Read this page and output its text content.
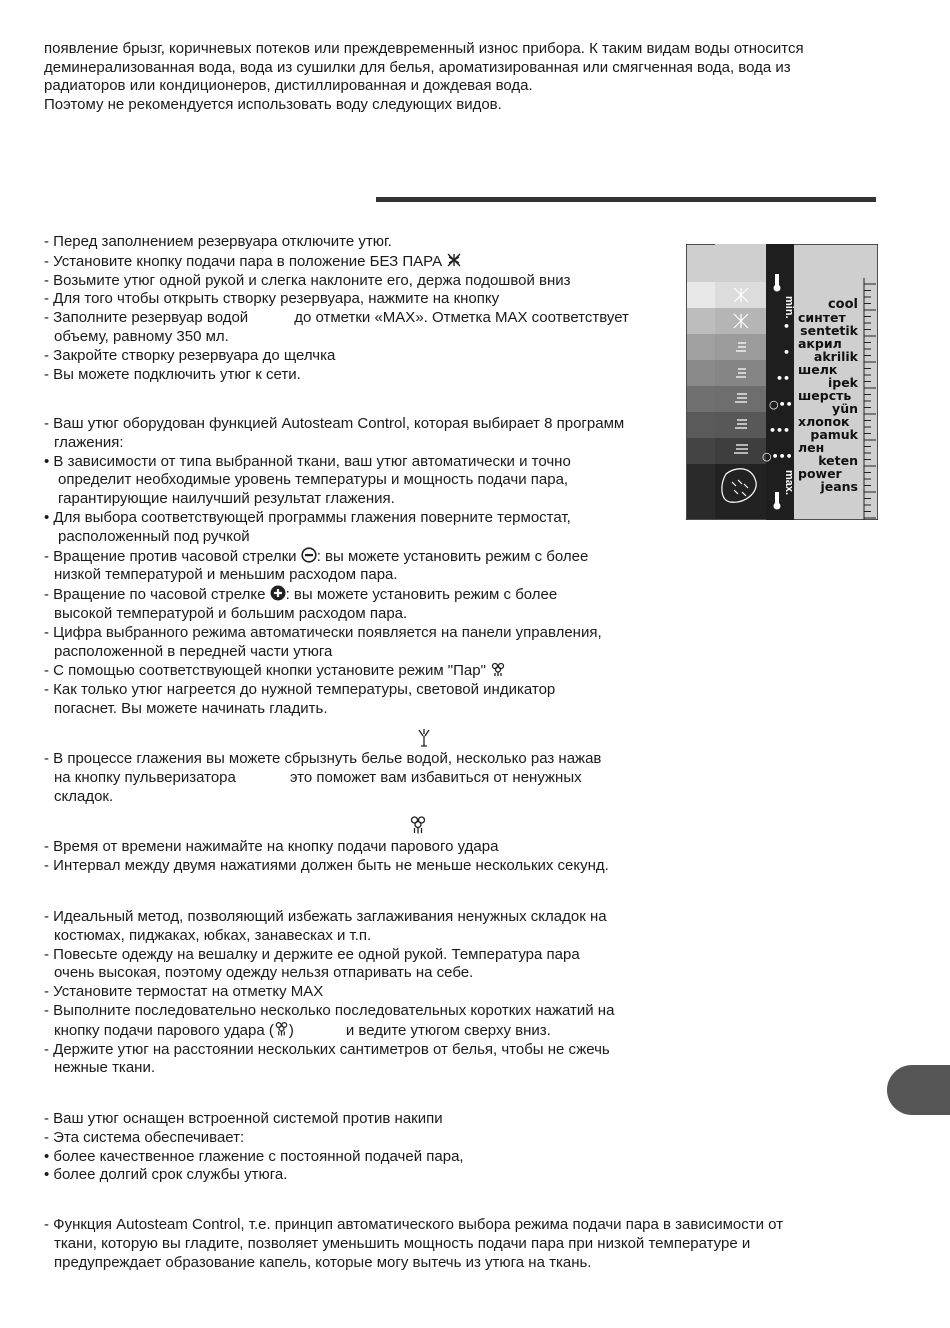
появление брызг, коричневых потеков или преждевременный износ прибора. К таким видам воды относится

деминерализованная вода, вода из сушилки для белья, ароматизированная или смягченная вода, вода из

радиаторов или кондиционеров, дистиллированная и дождевая вода.

Поэтому не рекомендуется использовать воду следующих видов.

- Перед заполнением резервуара отключите утюг.
- Установите кнопку подачи пара в положение БЕЗ ПАРА
- Возьмите утюг одной рукой и слегка наклоните его, держа подошвой вниз
- Для того чтобы открыть створку резервуара, нажмите на кнопку
- Заполните резервуар водой	до отметки «MAX». Отметка MAX соответствует
объему, равному 350 мл.
- Закройте створку резервуара до щелчка
- Вы можете подключить утюг к сети.
- Ваш утюг оборудован функцией Autosteam Control, которая выбирает 8 программ
глажения:
• В зависимости от типа выбранной ткани, ваш утюг автоматически и точно
определит необходимые уровень температуры и мощность подачи пара,
гарантирующие наилучший результат глажения.
• Для выбора соответствующей программы глажения поверните термостат,
расположенный под ручкой
- Вращение против часовой стрелки : вы можете установить режим с более
низкой температурой и меньшим расходом пара.
- Вращение по часовой стрелке : вы можете установить режим с более
высокой температурой и большим расходом пара.
- Цифра выбранного режима автоматически появляется на панели управления,
расположенной в передней части утюга
- С помощью соответствующей кнопки установите режим "Пар"
- Как только утюг нагреется до нужной температуры, световой индикатор
погаснет. Вы можете начинать гладить.
- В процессе глажения вы можете сбрызнуть белье водой, несколько раз нажав
на кнопку пульверизатора	это поможет вам избавиться от ненужных
складок.
- Время от времени нажимайте на кнопку подачи парового удара
- Интервал между двумя нажатиями должен быть не меньше нескольких секунд.
- Идеальный метод, позволяющий избежать заглаживания ненужных складок на
костюмах, пиджаках, юбках, занавесках и т.п.
- Повесьте одежду на вешалку и держите ее одной рукой. Температура пара
очень высокая, поэтому одежду нельзя отпаривать на себе.
- Установите термостат на отметку MAX
- Выполните последовательно несколько последовательных коротких нажатий на
кнопку подачи парового удара ( )	и ведите утюгом сверху вниз.
- Держите утюг на расстоянии нескольких сантиметров от белья, чтобы не сжечь
нежные ткани.
- Ваш утюг оснащен встроенной системой против накипи
- Эта система обеспечивает:
• более качественное глажение с постоянной подачей пара,
• более долгий срок службы утюга.
- Функция Autosteam Control, т.е. принцип автоматического выбора режима подачи пара в зависимости от
ткани, которую вы гладите, позволяет уменьшить мощность подачи пара при низкой температуре и
предупреждает образование капель, которые могу вытечь из утюга на ткань.
min.
max.
cool
•
синтет
sentetik
•
акрил
akrilik
••
шелк
ipek
○••
шерсть
yün
•••
хлопок
pamuk
○•••
лен
keten
power
jeans
